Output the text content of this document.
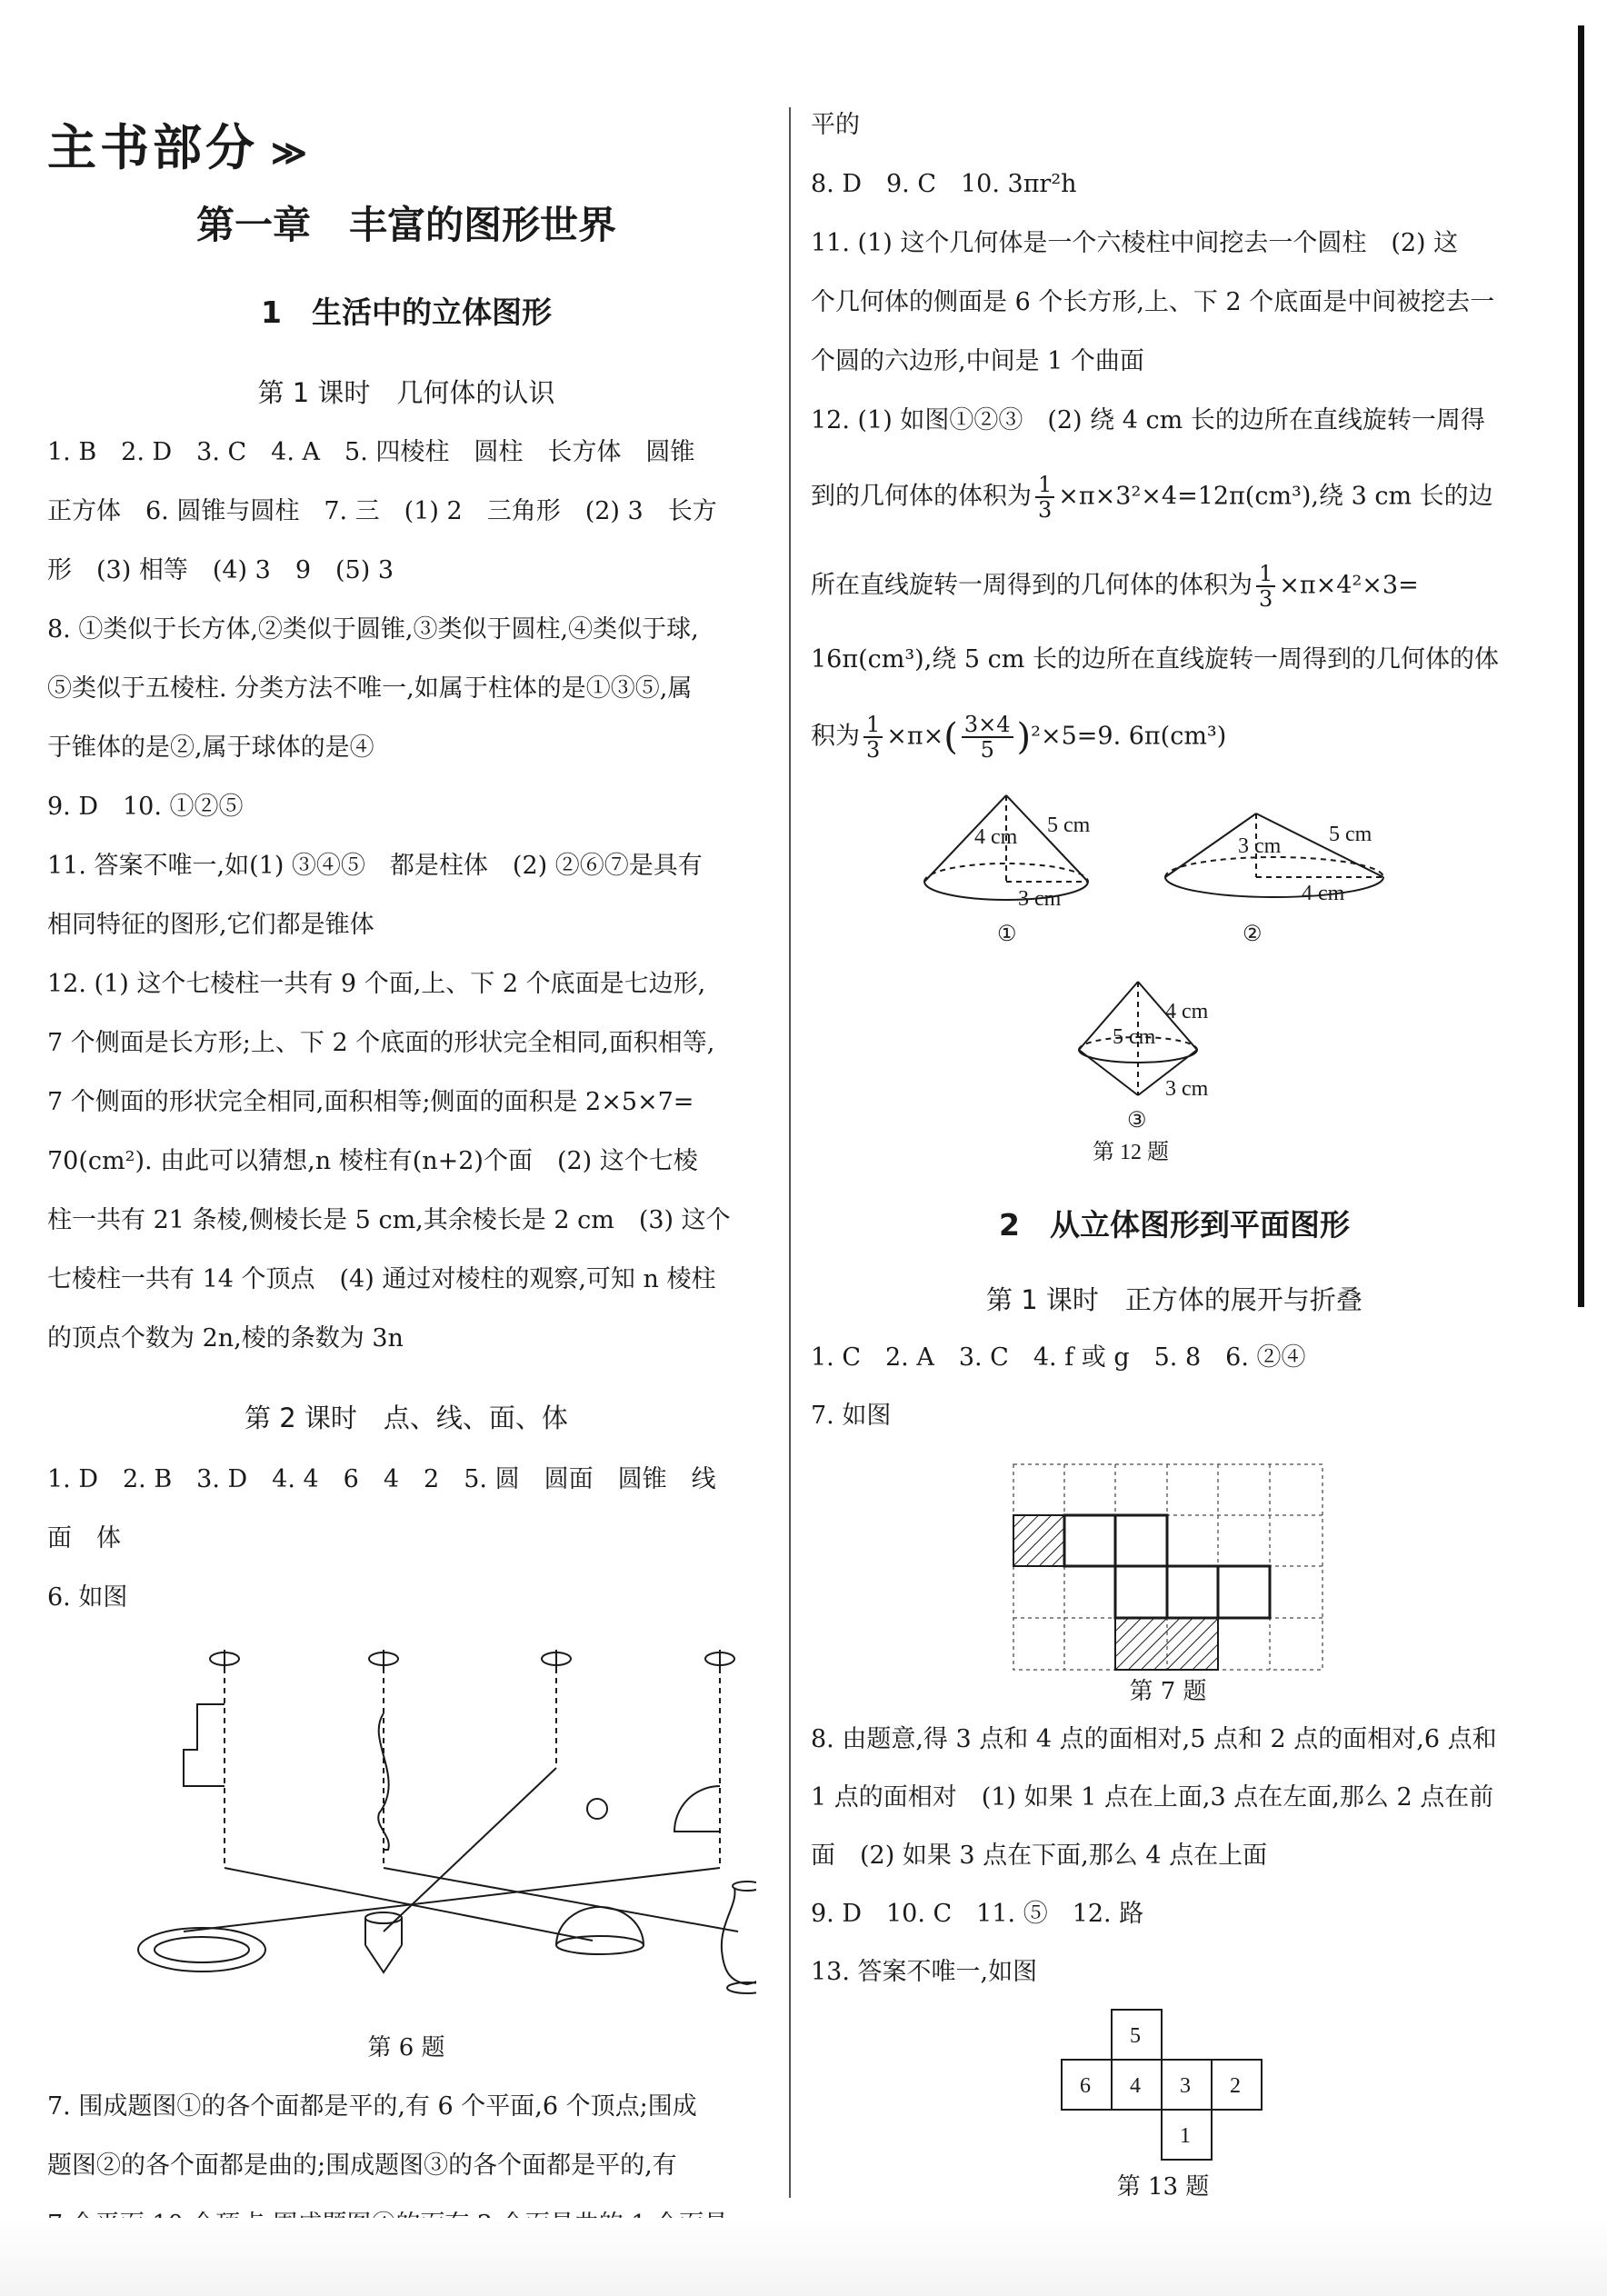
主书部分 ≫
第一章　丰富的图形世界
1　生活中的立体图形
第 1 课时　几何体的认识
1. B　2. D　3. C　4. A　5. 四棱柱　圆柱　长方体　圆锥
正方体　6. 圆锥与圆柱　7. 三　(1) 2　三角形　(2) 3　长方
形　(3) 相等　(4) 3　9　(5) 3
8. ①类似于长方体,②类似于圆锥,③类似于圆柱,④类似于球,
⑤类似于五棱柱. 分类方法不唯一,如属于柱体的是①③⑤,属
于锥体的是②,属于球体的是④
9. D　10. ①②⑤
11. 答案不唯一,如(1) ③④⑤　都是柱体　(2) ②⑥⑦是具有
相同特征的图形,它们都是锥体
12. (1) 这个七棱柱一共有 9 个面,上、下 2 个底面是七边形,
7 个侧面是长方形;上、下 2 个底面的形状完全相同,面积相等,
7 个侧面的形状完全相同,面积相等;侧面的面积是 2×5×7=
70(cm²). 由此可以猜想,n 棱柱有(n+2)个面　(2) 这个七棱
柱一共有 21 条棱,侧棱长是 5 cm,其余棱长是 2 cm　(3) 这个
七棱柱一共有 14 个顶点　(4) 通过对棱柱的观察,可知 n 棱柱
的顶点个数为 2n,棱的条数为 3n
第 2 课时　点、线、面、体
1. D　2. B　3. D　4. 4　6　4　2　5. 圆　圆面　圆锥　线
面　体
6. 如图
第 6 题
7. 围成题图①的各个面都是平的,有 6 个平面,6 个顶点;围成
题图②的各个面都是曲的;围成题图③的各个面都是平的,有
平的
8. D　9. C　10. 3πr²h
11. (1) 这个几何体是一个六棱柱中间挖去一个圆柱　(2) 这
个几何体的侧面是 6 个长方形,上、下 2 个底面是中间被挖去一
个圆的六边形,中间是 1 个曲面
12. (1) 如图①②③　(2) 绕 4 cm 长的边所在直线旋转一周得
到的几何体的体积为 $\frac{1}{3} \times\pi\times 3^2\times 4=12\pi(cm^3)$,绕 3 cm 长的边
所在直线旋转一周得到的几何体的体积为 $\frac{1}{3} \times\pi\times 4^2\times 3=$
16π(cm³),绕 5 cm 长的边所在直线旋转一周得到的几何体的体
积为 $\frac{1}{3} \times\pi\times( \frac{3\times 4}{5} )^2\times 5=9$. 6π(cm³)
4 cm 5 cm
3 cm
①
3 cm 5 cm
4 cm
②
4 cm
5 cm
3 cm
③
第 12 题
2　从立体图形到平面图形
第 1 课时　正方体的展开与折叠
1. C　2. A　3. C　4. f 或 g　5. 8　6. ②④
7. 如图
第 7 题
8. 由题意,得 3 点和 4 点的面相对,5 点和 2 点的面相对,6 点和
1 点的面相对　(1) 如果 1 点在上面,3 点在左面,那么 2 点在前
面　(2) 如果 3 点在下面,那么 4 点在上面
9. D　10. C　11. ⑤　12. 路
13. 答案不唯一,如图
5
6 4 3 2
1
第 13 题
